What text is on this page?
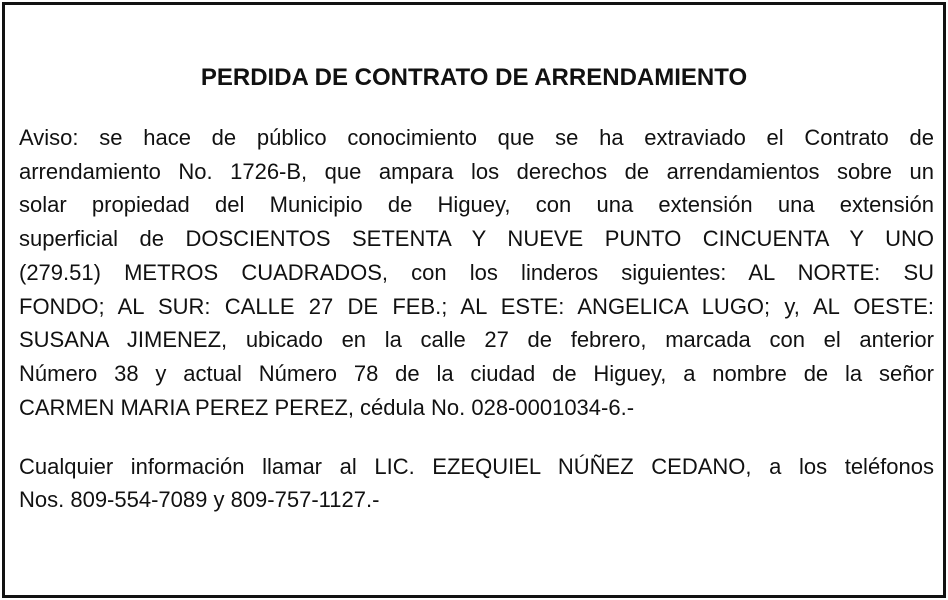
PERDIDA DE CONTRATO DE ARRENDAMIENTO

Aviso: se hace de público conocimiento que se ha extraviado el Contrato de
arrendamiento No. 1726-B, que ampara los derechos de arrendamientos sobre un
solar propiedad del Municipio de Higuey, con una extensión una extensión
superficial de DOSCIENTOS SETENTA Y NUEVE PUNTO CINCUENTA Y UNO
(279.51) METROS CUADRADOS, con los linderos siguientes: AL NORTE: SU
FONDO; AL SUR: CALLE 27 DE FEB.; AL ESTE: ANGELICA LUGO; y, AL OESTE:
SUSANA JIMENEZ, ubicado en la calle 27 de febrero, marcada con el anterior
Número 38 y actual Número 78 de la ciudad de Higuey, a nombre de la señor
CARMEN MARIA PEREZ PEREZ, cédula No. 028-0001034-6.-

Cualquier información llamar al LIC. EZEQUIEL NÚÑEZ CEDANO, a los teléfonos
Nos. 809-554-7089 y 809-757-1127.-
